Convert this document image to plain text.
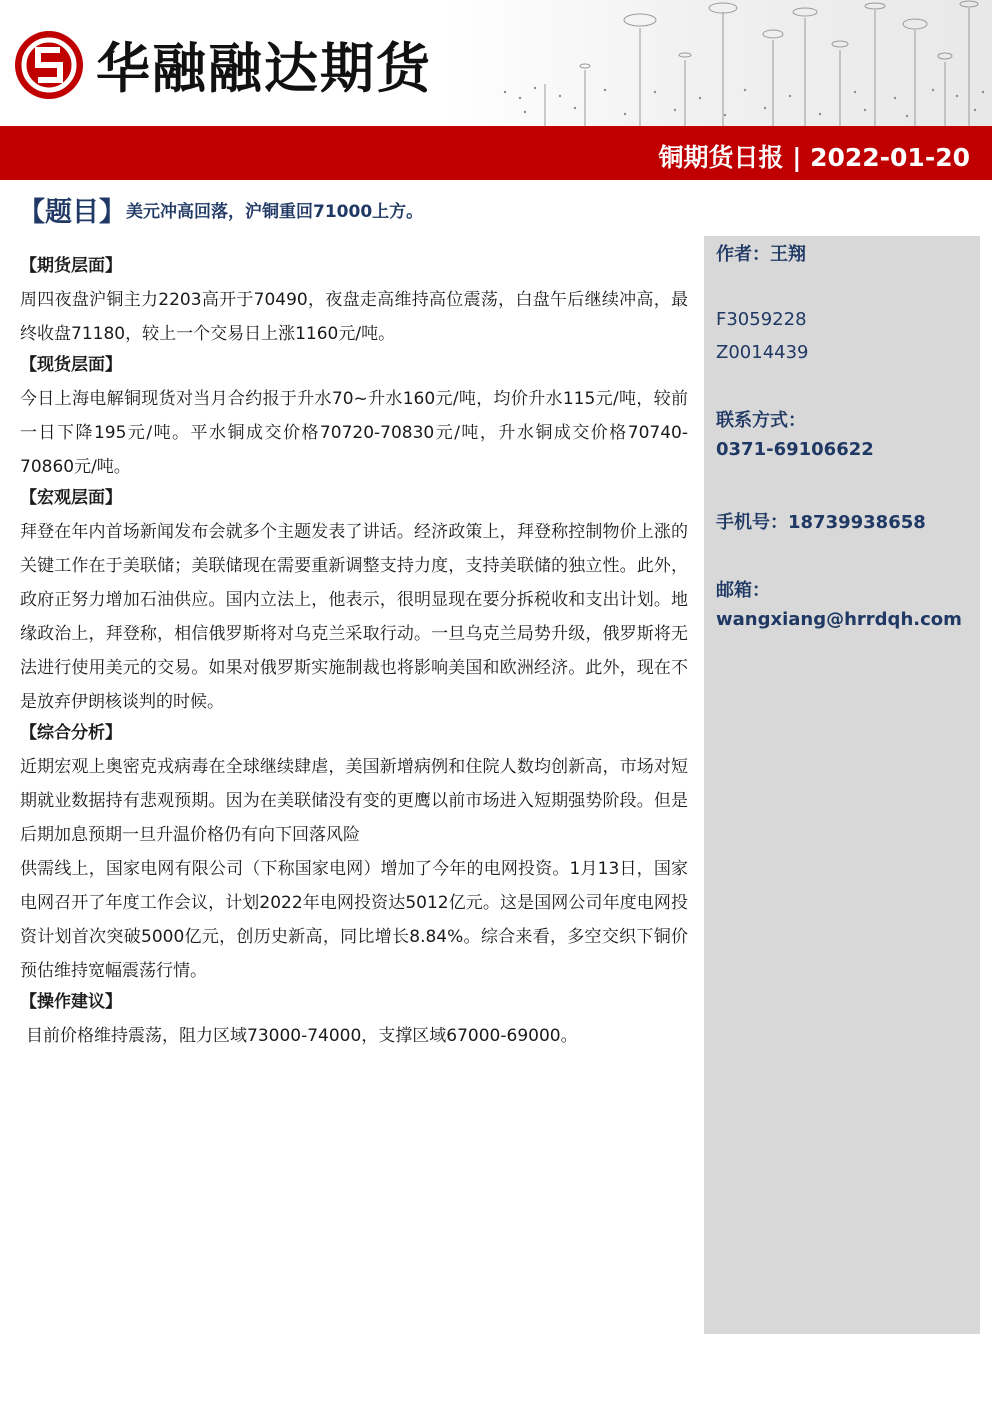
华融融达期货
铜期货日报 | 2022-01-20
【题目】美元冲高回落，沪铜重回71000上方。
作者：王翔
F3059228
Z0014439
联系方式：
0371-69106622
手机号：18739938658
邮箱：
wangxiang@hrrdqh.com
【期货层面】

周四夜盘沪铜主力2203高开于70490，夜盘走高维持高位震荡，白盘午后继续冲高，最终收盘71180，较上一个交易日上涨1160元/吨。

【现货层面】

今日上海电解铜现货对当月合约报于升水70~升水160元/吨，均价升水115元/吨，较前一日下降195元/吨。平水铜成交价格70720-70830元/吨，升水铜成交价格70740-70860元/吨。

【宏观层面】

拜登在年内首场新闻发布会就多个主题发表了讲话。经济政策上，拜登称控制物价上涨的关键工作在于美联储；美联储现在需要重新调整支持力度，支持美联储的独立性。此外，政府正努力增加石油供应。国内立法上，他表示，很明显现在要分拆税收和支出计划。地缘政治上，拜登称，相信俄罗斯将对乌克兰采取行动。一旦乌克兰局势升级，俄罗斯将无法进行使用美元的交易。如果对俄罗斯实施制裁也将影响美国和欧洲经济。此外，现在不是放弃伊朗核谈判的时候。

【综合分析】

近期宏观上奥密克戎病毒在全球继续肆虐，美国新增病例和住院人数均创新高，市场对短期就业数据持有悲观预期。因为在美联储没有变的更鹰以前市场进入短期强势阶段。但是后期加息预期一旦升温价格仍有向下回落风险

供需线上，国家电网有限公司（下称国家电网）增加了今年的电网投资。1月13日，国家电网召开了年度工作会议，计划2022年电网投资达5012亿元。这是国网公司年度电网投资计划首次突破5000亿元，创历史新高，同比增长8.84%。综合来看，多空交织下铜价预估维持宽幅震荡行情。

【操作建议】

目前价格维持震荡，阻力区域73000-74000，支撑区域67000-69000。
